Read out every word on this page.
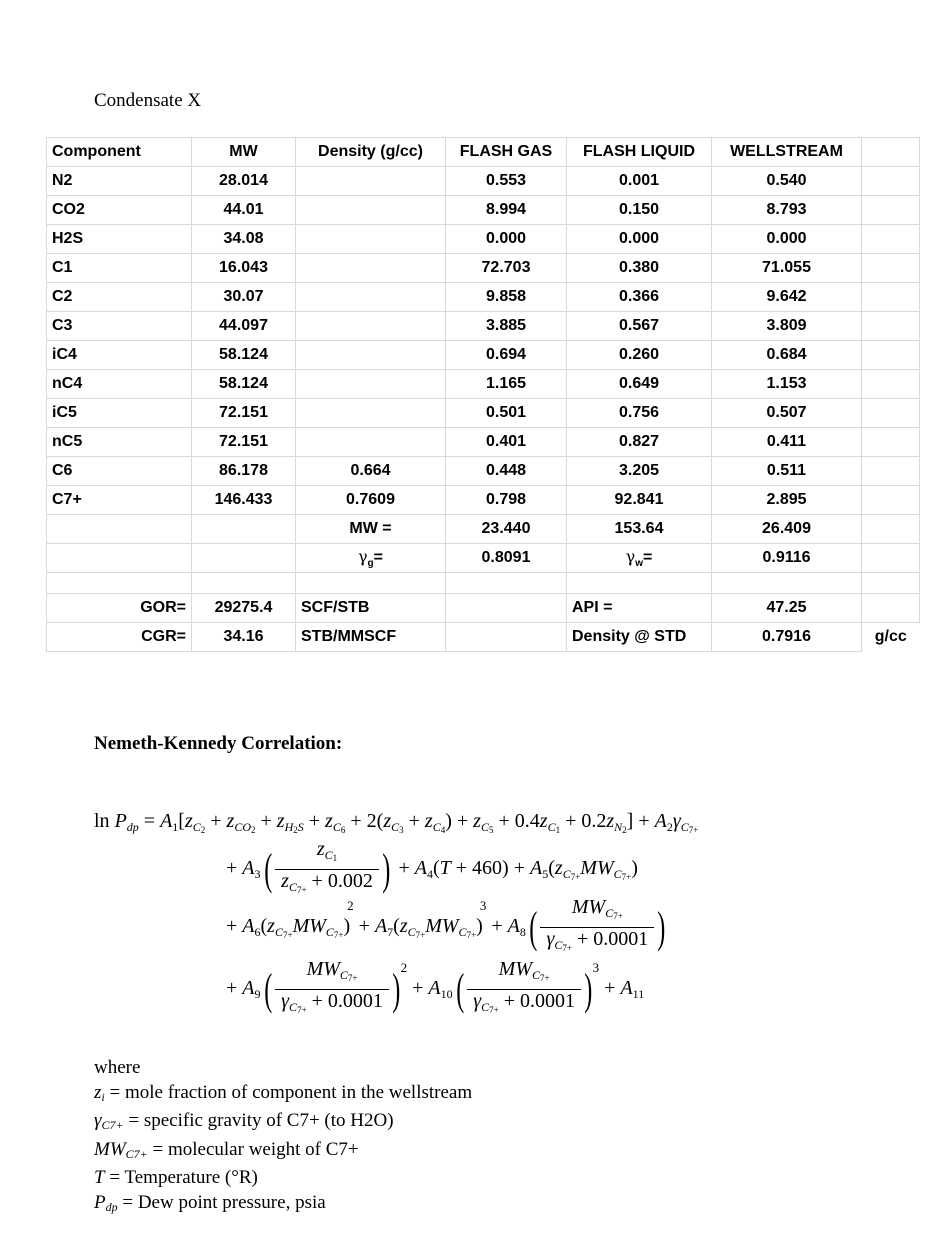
Condensate X
Component	MW	Density (g/cc)	FLASH GAS	FLASH LIQUID	WELLSTREAM	
N2	28.014		0.553	0.001	0.540	
CO2	44.01		8.994	0.150	8.793	
H2S	34.08		0.000	0.000	0.000	
C1	16.043		72.703	0.380	71.055	
C2	30.07		9.858	0.366	9.642	
C3	44.097		3.885	0.567	3.809	
iC4	58.124		0.694	0.260	0.684	
nC4	58.124		1.165	0.649	1.153	
iC5	72.151		0.501	0.756	0.507	
nC5	72.151		0.401	0.827	0.411	
C6	86.178	0.664	0.448	3.205	0.511	
C7+	146.433	0.7609	0.798	92.841	2.895	
		MW =	23.440	153.64	26.409	
		$\gamma_g=$	0.8091	$\gamma_w=$	0.9116	

GOR=	29275.4	SCF/STB		API =	47.25	
CGR=	34.16	STB/MMSCF		Density @ STD	0.7916	g/cc
Nemeth-Kennedy Correlation:
$\ln P_{dp} = A_1[z_{C_2} + z_{CO_2} + z_{H_2S} + z_{C_6} + 2(z_{C_3} + z_{C_4}) + z_{C_5} + 0.4z_{C_1} + 0.2z_{N_2}] + A_2\gamma_{C_{7+}}$
+ $A_3( \frac{z_{C_1}}{z_{C_{7+}} + 0.002}$ ) + $A_4(T + 460) + A_5(z_{C_{7+}}MW_{C_{7+}})$
+ $A_6(z_{C_{7+}}MW_{C_{7+}})^2 + A_7(z_{C_{7+}}MW_{C_{7+}})^3 + A_8( \frac{MW_{C_{7+}}}{\gamma_{C_{7+}} + 0.0001}$ )
+ $A_9( \frac{MW_{C_{7+}}}{\gamma_{C_{7+}} + 0.0001} )^2 + A_{10}( \frac{MW_{C_{7+}}}{\gamma_{C_{7+}} + 0.0001} )^3 + A_{11}$
where
$z_i$ = mole fraction of component in the wellstream
$\gamma_{C7+}$ = specific gravity of C7+ (to H2O)
$MW_{C7+}$ = molecular weight of C7+
T = Temperature (°R)
$P_{dp}$ = Dew point pressure, psia
